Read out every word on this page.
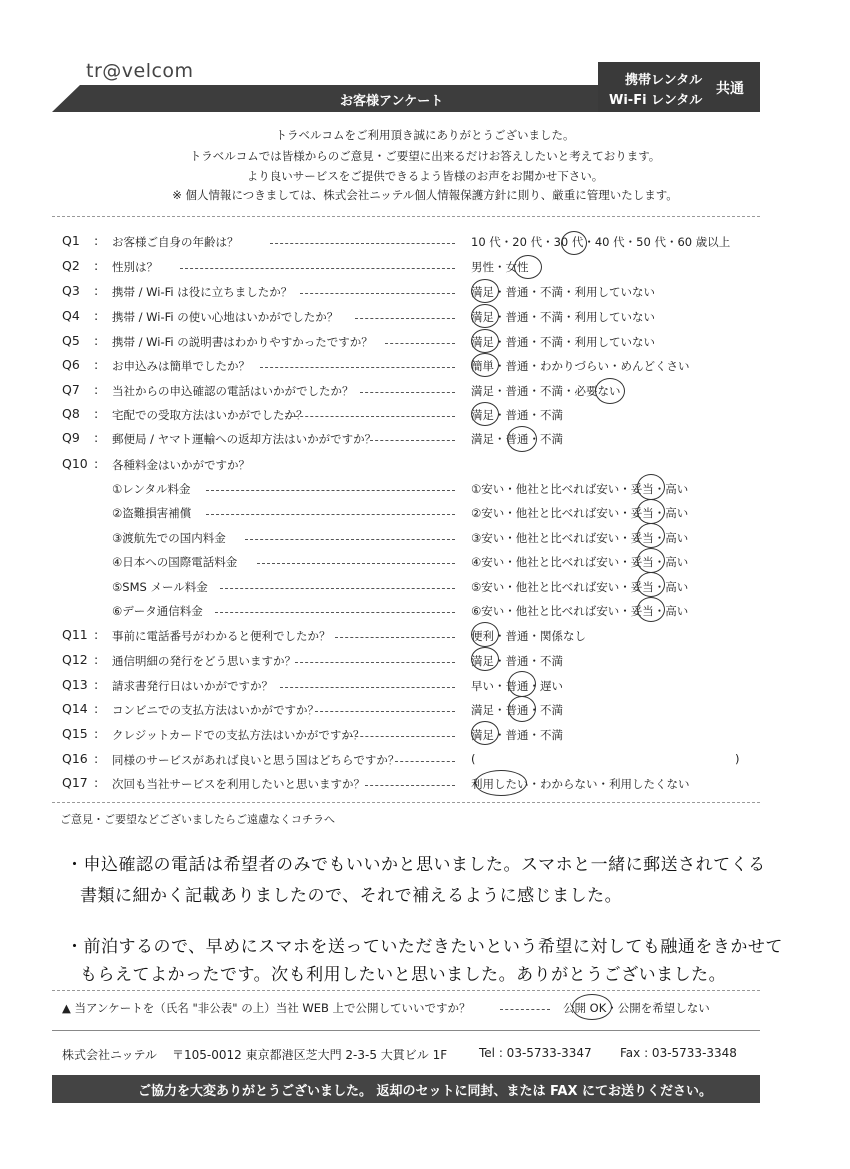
tr@velcom
お客様アンケート
携帯レンタル
Wi-Fi レンタル
共通
トラベルコムをご利用頂き誠にありがとうございました。
トラベルコムでは皆様からのご意見・ご要望に出来るだけお答えしたいと考えております。
より良いサービスをご提供できるよう皆様のお声をお聞かせ下さい。
※ 個人情報につきましては、株式会社ニッテル個人情報保護方針に則り、厳重に管理いたします。
Q1 : お客様ご自身の年齢は？	10 代・20 代・30 代・40 代・50 代・60 歳以上
Q2 : 性別は？	男性・女性
Q3 : 携帯 / Wi-Fi は役に立ちましたか？	満足・普通・不満・利用していない
Q4 : 携帯 / Wi-Fi の使い心地はいかがでしたか？	満足・普通・不満・利用していない
Q5 : 携帯 / Wi-Fi の説明書はわかりやすかったですか？	満足・普通・不満・利用していない
Q6 : お申込みは簡単でしたか？	簡単・普通・わかりづらい・めんどくさい
Q7 : 当社からの申込確認の電話はいかがでしたか？	満足・普通・不満・必要ない
Q8 : 宅配での受取方法はいかがでしたか？	満足・普通・不満
Q9 : 郵便局 / ヤマト運輸への返却方法はいかがですか？	満足・普通・不満
Q10 : 各種料金はいかがですか？
①レンタル料金	①安い・他社と比べれば安い・妥当・高い
②盗難損害補償	②安い・他社と比べれば安い・妥当・高い
③渡航先での国内料金	③安い・他社と比べれば安い・妥当・高い
④日本への国際電話料金	④安い・他社と比べれば安い・妥当・高い
⑤SMS メール料金	⑤安い・他社と比べれば安い・妥当・高い
⑥データ通信料金	⑥安い・他社と比べれば安い・妥当・高い
Q11 : 事前に電話番号がわかると便利でしたか？	便利・普通・関係なし
Q12 : 通信明細の発行をどう思いますか？	満足・普通・不満
Q13 : 請求書発行日はいかがですか？	早い・普通・遅い
Q14 : コンビニでの支払方法はいかがですか？	満足・普通・不満
Q15 : クレジットカードでの支払方法はいかがですか？	満足・普通・不満
Q16 : 同様のサービスがあれば良いと思う国はどちらですか？	(	)
Q17 : 次回も当社サービスを利用したいと思いますか？	利用したい・わからない・利用したくない
ご意見・ご要望などございましたらご遠慮なくコチラへ
・申込確認の電話は希望者のみでもいいかと思いました。スマホと一緒に郵送されてくる
書類に細かく記載ありましたので、それで補えるように感じました。
・前泊するので、早めにスマホを送っていただきたいという希望に対しても融通をきかせて
もらえてよかったです。次も利用したいと思いました。ありがとうございました。
▲ 当アンケートを（氏名 "非公表" の上）当社 WEB 上で公開していいですか？	公開 OK・公開を希望しない
株式会社ニッテル 〒105-0012 東京都港区芝大門 2-3-5 大貫ビル 1F	Tel : 03-5733-3347 Fax : 03-5733-3348
ご協力を大変ありがとうございました。 返却のセットに同封、または FAX にてお送りください。
